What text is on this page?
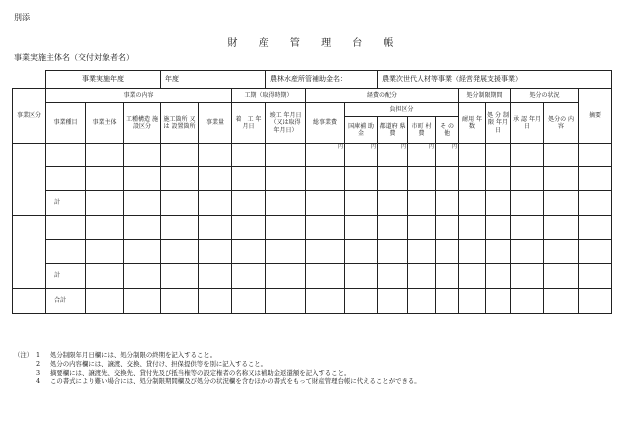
別添
財 産 管 理 台 帳
事業実施主体名（交付対象者名）
	事業実施年度			年度			農林水産所管補助金名：			農業次世代人材等事業（経営発展支援事業）							
事業区分	事業の内容					工期（取得時期）		経費の配分					処分制限期間		処分の状況		摘要
	事業種目	事業主体	工種構造 施設区分	施工箇所 又は 設置箇所	事業量	着　工 年月日	竣工 年月日 （又は取得 年月日）	総事業費	負担区分				耐用 年数	処 分 制 限 年月日	承 認 年月日	処分の 内 容	
									国庫補 助金	都道府 県費	市町 村費	そ の 他					
								円	円	円	円	円					

	計																

	計																
	合計																
（注） 1	処分制限年月日欄には、処分制限の終期を記入すること。
2	処分の内容欄には、譲渡、交換、貸付け、担保提供等を別に記入すること。
3	摘要欄には、譲渡先、交換先、貸付先及び抵当権等の設定権者の名称又は補助金返還額を記入すること。
4	この書式により難い場合には、処分制限期間欄及び処分の状況欄を含むほかの書式をもって財産管理台帳に代えることができる。
